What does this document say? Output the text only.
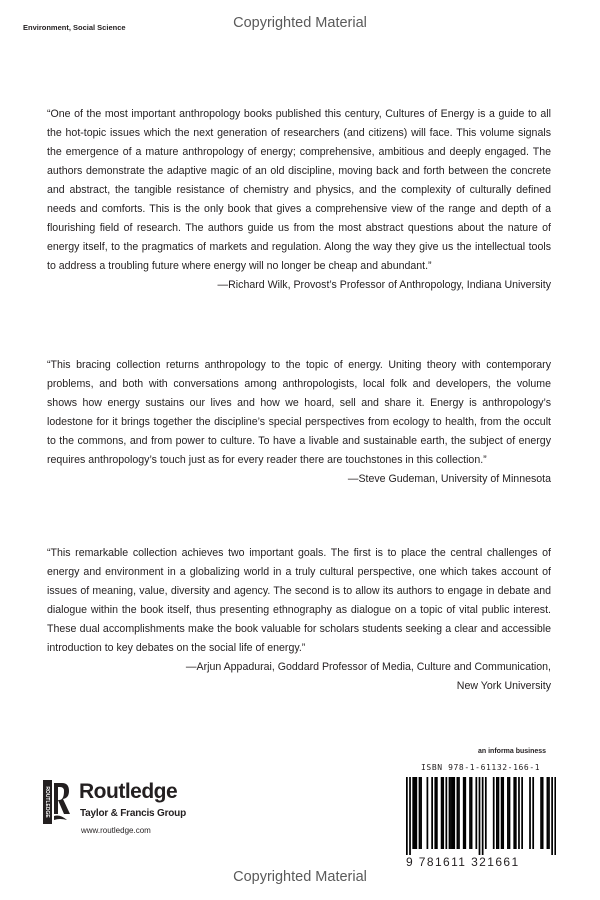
Copyrighted Material
Environment, Social Science

“One of the most important anthropology books published this century, Cultures of Energy is a guide to all the hot-topic issues which the next generation of researchers (and citizens) will face. This volume signals the emergence of a mature anthropology of energy; comprehensive, ambitious and deeply engaged. The authors demonstrate the adaptive magic of an old discipline, moving back and forth between the concrete and abstract, the tangible resistance of chemistry and physics, and the complexity of culturally defined needs and comforts. This is the only book that gives a comprehensive view of the range and depth of a flourishing field of research. The authors guide us from the most abstract questions about the nature of energy itself, to the pragmatics of markets and regulation. Along the way they give us the intellectual tools to address a troubling future where energy will no longer be cheap and abundant.”

—Richard Wilk, Provost’s Professor of Anthropology, Indiana University

“This bracing collection returns anthropology to the topic of energy. Uniting theory with contemporary problems, and both with conversations among anthropologists, local folk and developers, the volume shows how energy sustains our lives and how we hoard, sell and share it. Energy is anthropology’s lodestone for it brings together the discipline’s special perspectives from ecology to health, from the occult to the commons, and from power to culture. To have a livable and sustainable earth, the subject of energy requires anthropology’s touch just as for every reader there are touchstones in this collection.”

—Steve Gudeman, University of Minnesota

“This remarkable collection achieves two important goals. The first is to place the central challenges of energy and environment in a globalizing world in a truly cultural perspective, one which takes account of issues of meaning, value, diversity and agency. The second is to allow its authors to engage in debate and dialogue within the book itself, thus presenting ethnography as dialogue on a topic of vital public interest. These dual accomplishments make the book valuable for scholars students seeking a clear and accessible introduction to key debates on the social life of energy.”

—Arjun Appadurai, Goddard Professor of Media, Culture and Communication,

New York University

ROUTLEDGE Routledge
Taylor & Francis Group
www.routledge.com
an informa business
ISBN 978-1-61132-166-1
9 781611 321661
Copyrighted Material
